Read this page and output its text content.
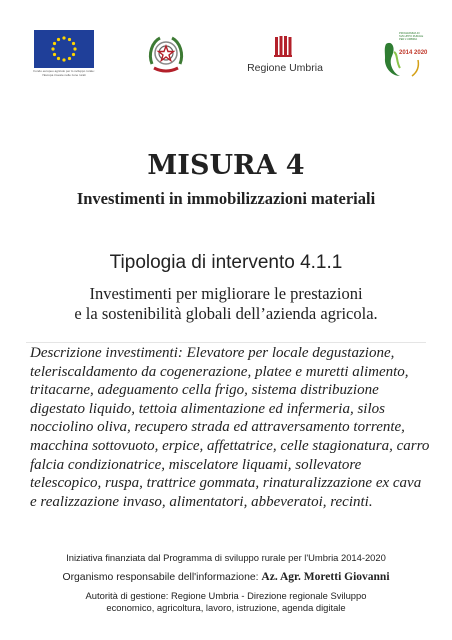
Fondo europeo agricolo per lo sviluppo rurale: l'Europa investe nelle zone rurali
Regione Umbria
PROGRAMMA DI SVILUPPO RURALE PER L'UMBRIA
2014 2020
MISURA 4
Investimenti in immobilizzazioni materiali
Tipologia di intervento 4.1.1
Investimenti per migliorare le prestazioni
e la sostenibilità globali dell’azienda agricola.
Descrizione investimenti: Elevatore per locale degustazione, teleriscaldamento da cogenerazione, platee e muretti alimento, tritacarne, adeguamento cella frigo, sistema distribuzione digestato liquido, tettoia alimentazione ed infermeria, silos nocciolino oliva, recupero strada ed attraversamento torrente, macchina sottovuoto, erpice, affettatrice, celle stagionatura, carro falcia condizionatrice, miscelatore liquami, sollevatore telescopico, ruspa, trattrice gommata, rinaturalizzazione ex cava e realizzazione invaso, alimentatori, abbeveratoi, recinti.
Iniziativa finanziata dal Programma di sviluppo rurale per l'Umbria 2014-2020
Organismo responsabile dell'informazione: Az. Agr. Moretti Giovanni
Autorità di gestione: Regione Umbria - Direzione regionale Sviluppo economico, agricoltura, lavoro, istruzione, agenda digitale
